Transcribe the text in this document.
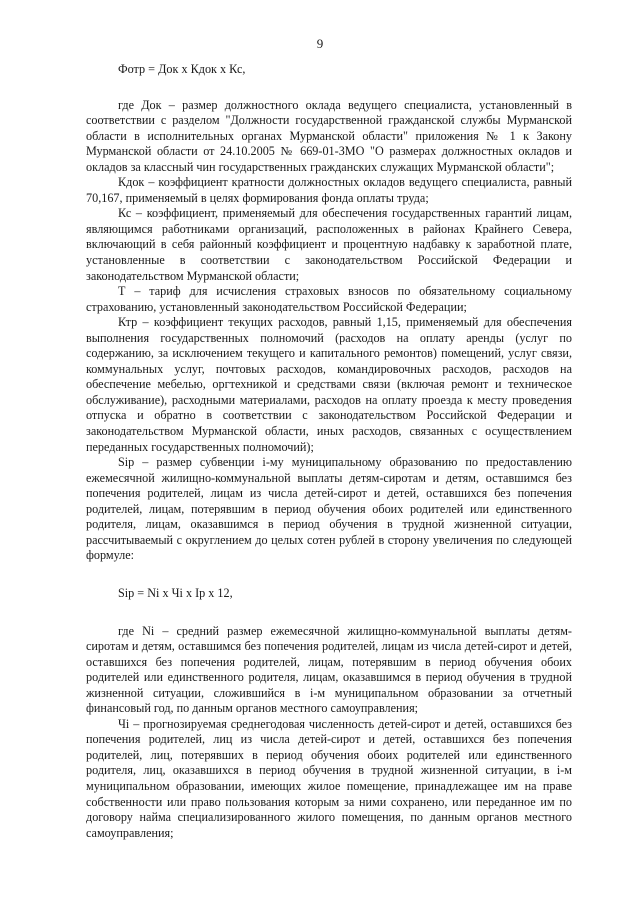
9
Фотр = Док х Кдок х Кс,

где Док – размер должностного оклада ведущего специалиста, установленный в соответствии с разделом "Должности государственной гражданской службы Мурманской области в исполнительных органах Мурманской области" приложения № 1 к Закону Мурманской области от 24.10.2005 № 669-01-ЗМО "О размерах должностных окладов и окладов за классный чин государственных гражданских служащих Мурманской области";

Кдок – коэффициент кратности должностных окладов ведущего специалиста, равный 70,167, применяемый в целях формирования фонда оплаты труда;

Кс – коэффициент, применяемый для обеспечения государственных гарантий лицам, являющимся работниками организаций, расположенных в районах Крайнего Севера, включающий в себя районный коэффициент и процентную надбавку к заработной плате, установленные в соответствии с законодательством Российской Федерации и законодательством Мурманской области;

Т – тариф для исчисления страховых взносов по обязательному социальному страхованию, установленный законодательством Российской Федерации;

Ктр – коэффициент текущих расходов, равный 1,15, применяемый для обеспечения выполнения государственных полномочий (расходов на оплату аренды (услуг по содержанию, за исключением текущего и капитального ремонтов) помещений, услуг связи, коммунальных услуг, почтовых расходов, командировочных расходов, расходов на обеспечение мебелью, оргтехникой и средствами связи (включая ремонт и техническое обслуживание), расходными материалами, расходов на оплату проезда к месту проведения отпуска и обратно в соответствии с законодательством Российской Федерации и законодательством Мурманской области, иных расходов, связанных с осуществлением переданных государственных полномочий);

Sip – размер субвенции i-му муниципальному образованию по предоставлению ежемесячной жилищно-коммунальной выплаты детям-сиротам и детям, оставшимся без попечения родителей, лицам из числа детей-сирот и детей, оставшихся без попечения родителей, лицам, потерявшим в период обучения обоих родителей или единственного родителя, лицам, оказавшимся в период обучения в трудной жизненной ситуации, рассчитываемый с округлением до целых сотен рублей в сторону увеличения по следующей формуле:

Sip = Ni х Чi х Ip х 12,

где Ni – средний размер ежемесячной жилищно-коммунальной выплаты детям-сиротам и детям, оставшимся без попечения родителей, лицам из числа детей-сирот и детей, оставшихся без попечения родителей, лицам, потерявшим в период обучения обоих родителей или единственного родителя, лицам, оказавшимся в период обучения в трудной жизненной ситуации, сложившийся в i-м муниципальном образовании за отчетный финансовый год, по данным органов местного самоуправления;

Чi – прогнозируемая среднегодовая численность детей-сирот и детей, оставшихся без попечения родителей, лиц из числа детей-сирот и детей, оставшихся без попечения родителей, лиц, потерявших в период обучения обоих родителей или единственного родителя, лиц, оказавшихся в период обучения в трудной жизненной ситуации, в i-м муниципальном образовании, имеющих жилое помещение, принадлежащее им на праве собственности или право пользования которым за ними сохранено, или переданное им по договору найма специализированного жилого помещения, по данным органов местного самоуправления;
